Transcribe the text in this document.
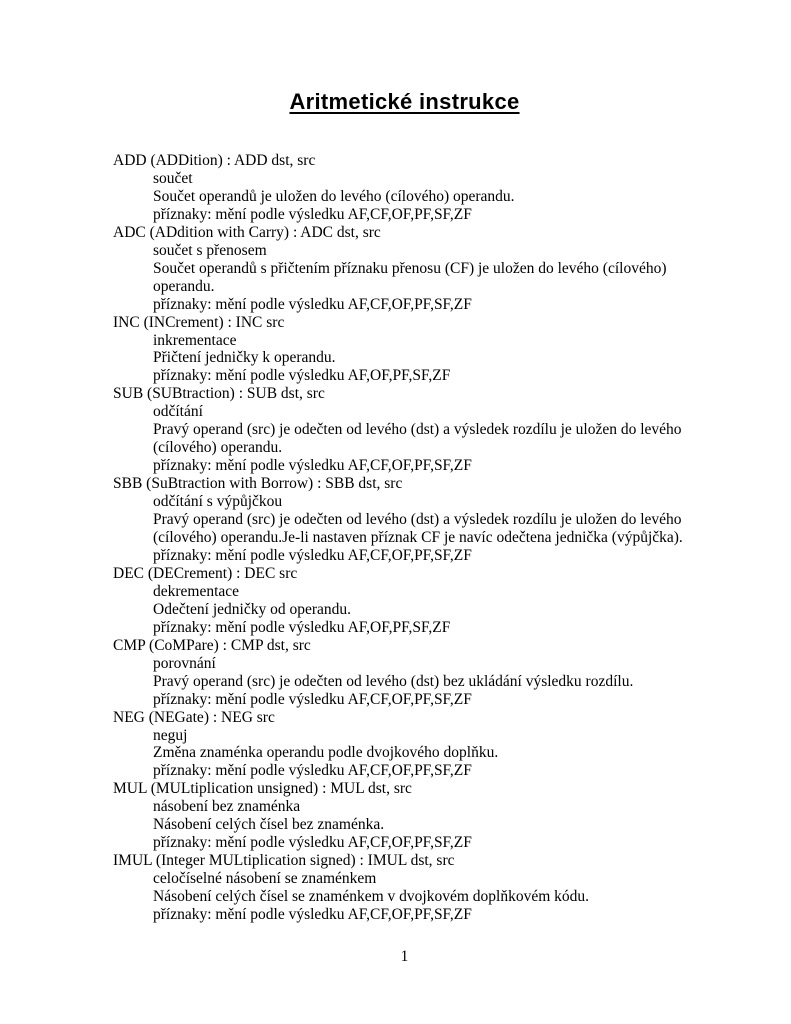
Aritmetické instrukce
ADD (ADDition) : ADD dst, src
součet
Součet operandů je uložen do levého (cílového) operandu.
příznaky: mění podle výsledku AF,CF,OF,PF,SF,ZF
ADC (ADdition with Carry) : ADC dst, src
součet s přenosem
Součet operandů s přičtením příznaku přenosu (CF) je uložen do levého (cílového)
operandu.
příznaky: mění podle výsledku AF,CF,OF,PF,SF,ZF
INC (INCrement) : INC src
inkrementace
Přičtení jedničky k operandu.
příznaky: mění podle výsledku AF,OF,PF,SF,ZF
SUB (SUBtraction) : SUB dst, src
odčítání
Pravý operand (src) je odečten od levého (dst) a výsledek rozdílu je uložen do levého
(cílového) operandu.
příznaky: mění podle výsledku AF,CF,OF,PF,SF,ZF
SBB (SuBtraction with Borrow) : SBB dst, src
odčítání s výpůjčkou
Pravý operand (src) je odečten od levého (dst) a výsledek rozdílu je uložen do levého
(cílového) operandu.Je-li nastaven příznak CF je navíc odečtena jednička (výpůjčka).
příznaky: mění podle výsledku AF,CF,OF,PF,SF,ZF
DEC (DECrement) : DEC src
dekrementace
Odečtení jedničky od operandu.
příznaky: mění podle výsledku AF,OF,PF,SF,ZF
CMP (CoMPare) : CMP dst, src
porovnání
Pravý operand (src) je odečten od levého (dst) bez ukládání výsledku rozdílu.
příznaky: mění podle výsledku AF,CF,OF,PF,SF,ZF
NEG (NEGate) : NEG src
neguj
Změna znaménka operandu podle dvojkového doplňku.
příznaky: mění podle výsledku AF,CF,OF,PF,SF,ZF
MUL (MULtiplication unsigned) : MUL dst, src
násobení bez znaménka
Násobení celých čísel bez znaménka.
příznaky: mění podle výsledku AF,CF,OF,PF,SF,ZF
IMUL (Integer MULtiplication signed) : IMUL dst, src
celočíselné násobení se znaménkem
Násobení celých čísel se znaménkem v dvojkovém doplňkovém kódu.
příznaky: mění podle výsledku AF,CF,OF,PF,SF,ZF
1
